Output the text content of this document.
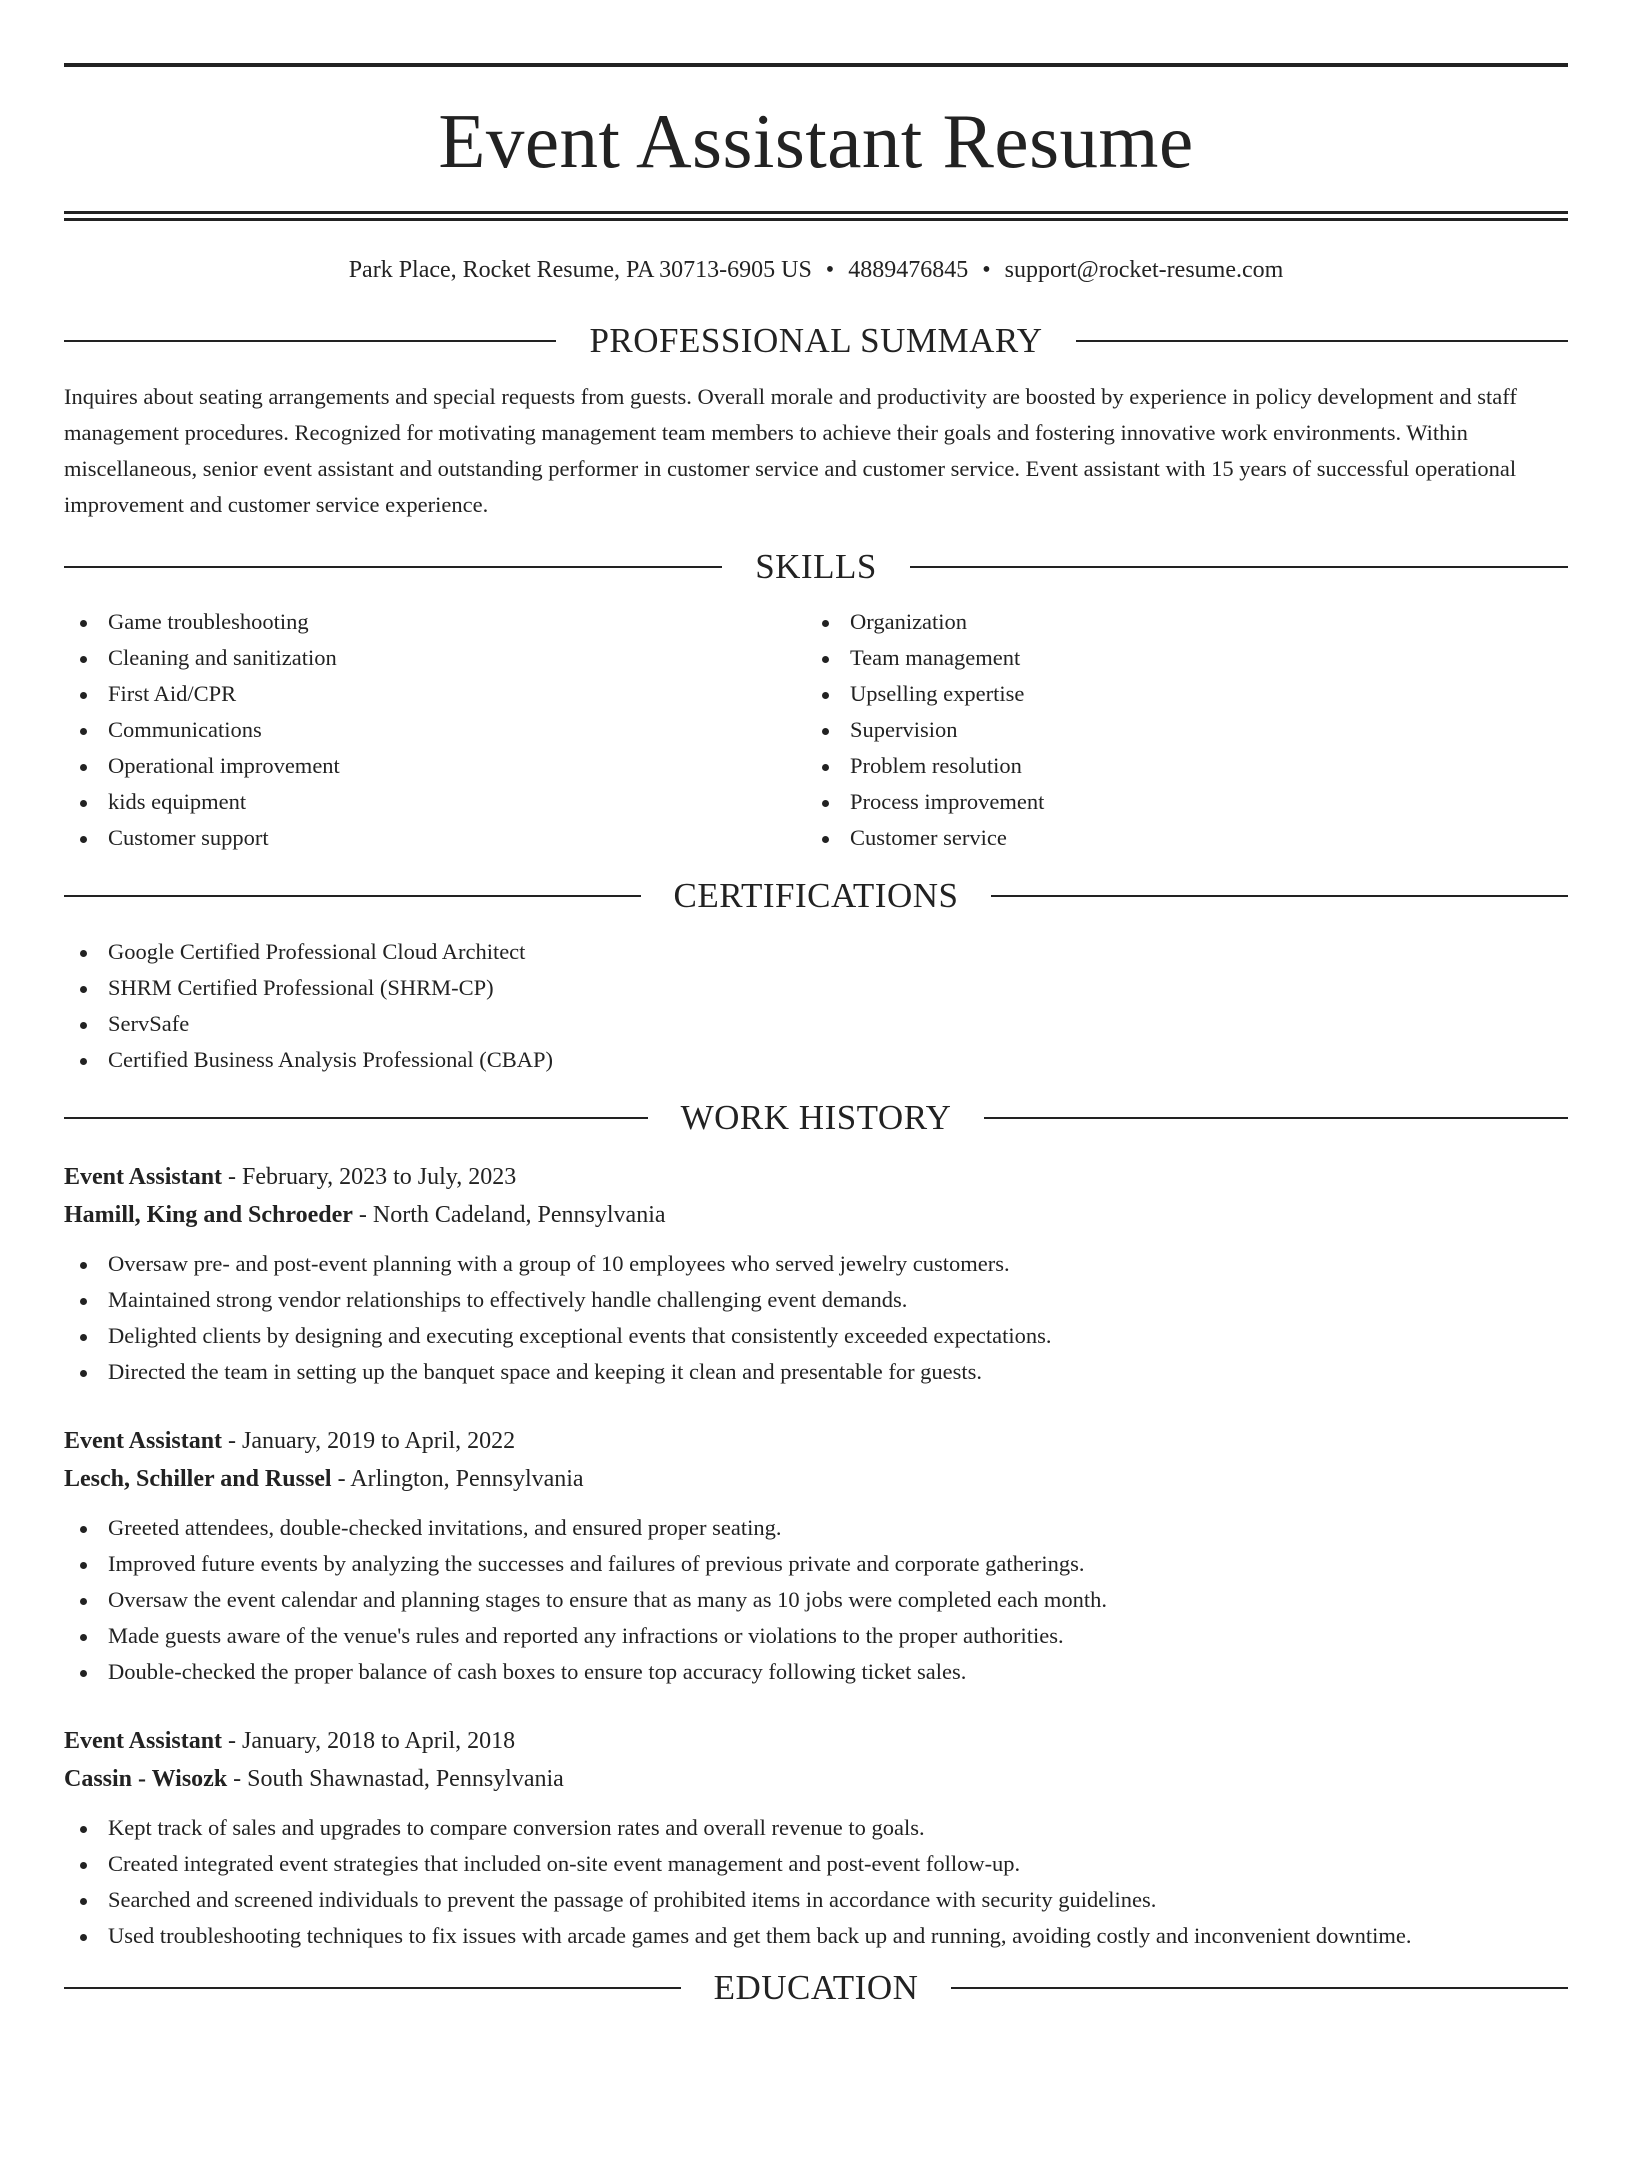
Event Assistant Resume
Park Place, Rocket Resume, PA 30713-6905 US • 4889476845 • support@rocket-resume.com
PROFESSIONAL SUMMARY

Inquires about seating arrangements and special requests from guests. Overall morale and productivity are boosted by experience in policy development and staff management procedures. Recognized for motivating management team members to achieve their goals and fostering innovative work environments. Within miscellaneous, senior event assistant and outstanding performer in customer service and customer service. Event assistant with 15 years of successful operational improvement and customer service experience.

SKILLS
Game troubleshooting
Cleaning and sanitization
First Aid/CPR
Communications
Operational improvement
kids equipment
Customer support
Organization
Team management
Upselling expertise
Supervision
Problem resolution
Process improvement
Customer service
CERTIFICATIONS
Google Certified Professional Cloud Architect
SHRM Certified Professional (SHRM-CP)
ServSafe
Certified Business Analysis Professional (CBAP)
WORK HISTORY
Event Assistant - February, 2023 to July, 2023
Hamill, King and Schroeder - North Cadeland, Pennsylvania
Oversaw pre- and post-event planning with a group of 10 employees who served jewelry customers.
Maintained strong vendor relationships to effectively handle challenging event demands.
Delighted clients by designing and executing exceptional events that consistently exceeded expectations.
Directed the team in setting up the banquet space and keeping it clean and presentable for guests.
Event Assistant - January, 2019 to April, 2022
Lesch, Schiller and Russel - Arlington, Pennsylvania
Greeted attendees, double-checked invitations, and ensured proper seating.
Improved future events by analyzing the successes and failures of previous private and corporate gatherings.
Oversaw the event calendar and planning stages to ensure that as many as 10 jobs were completed each month.
Made guests aware of the venue's rules and reported any infractions or violations to the proper authorities.
Double-checked the proper balance of cash boxes to ensure top accuracy following ticket sales.
Event Assistant - January, 2018 to April, 2018
Cassin - Wisozk - South Shawnastad, Pennsylvania
Kept track of sales and upgrades to compare conversion rates and overall revenue to goals.
Created integrated event strategies that included on-site event management and post-event follow-up.
Searched and screened individuals to prevent the passage of prohibited items in accordance with security guidelines.
Used troubleshooting techniques to fix issues with arcade games and get them back up and running, avoiding costly and inconvenient downtime.
EDUCATION
